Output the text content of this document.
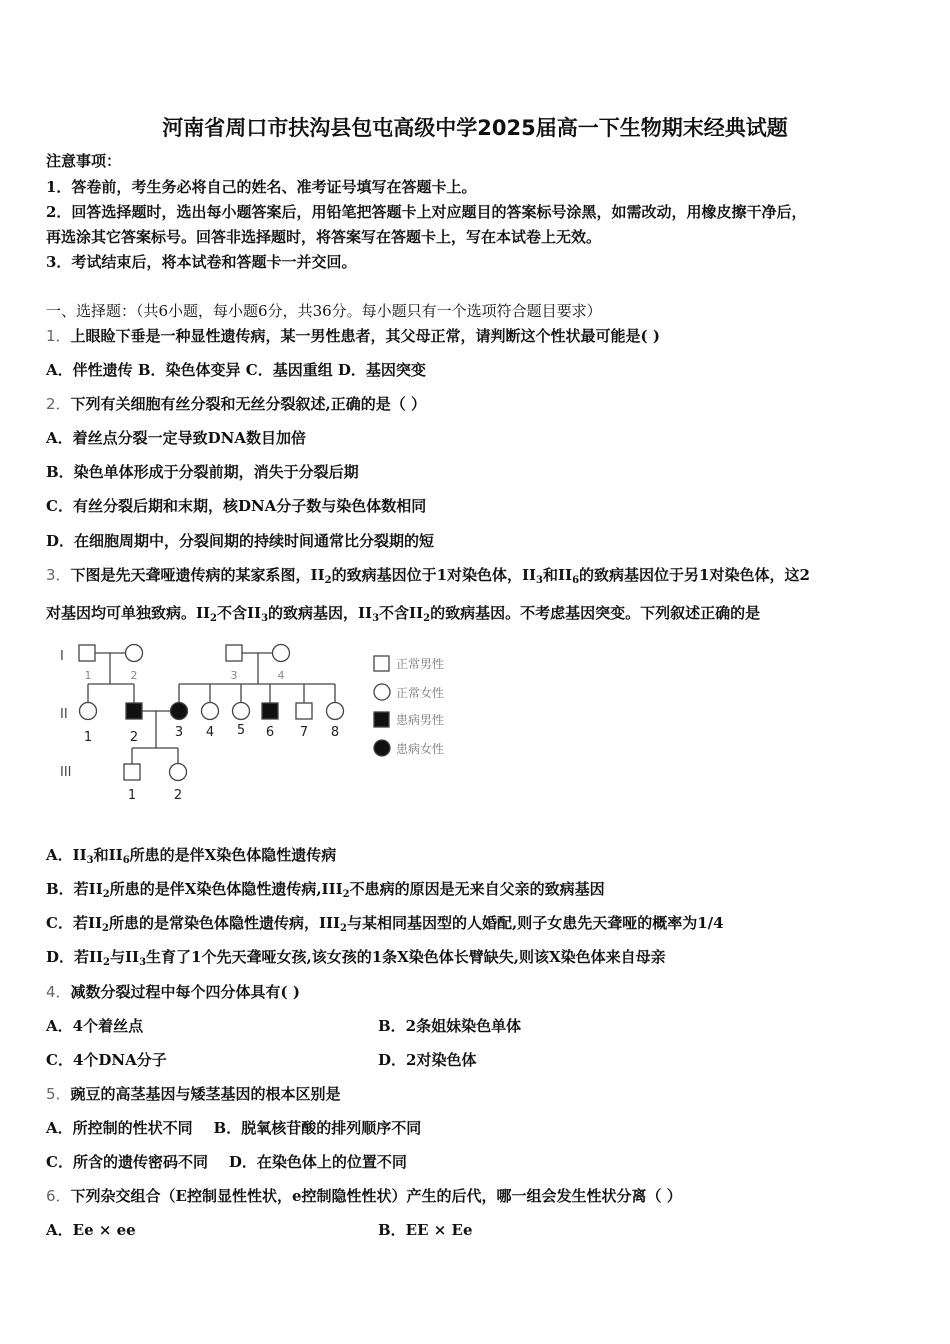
河南省周口市扶沟县包屯高级中学2025届高一下生物期末经典试题
注意事项：
1．答卷前，考生务必将自己的姓名、准考证号填写在答题卡上。
2．回答选择题时，选出每小题答案后，用铅笔把答题卡上对应题目的答案标号涂黑，如需改动，用橡皮擦干净后，
再选涂其它答案标号。回答非选择题时，将答案写在答题卡上，写在本试卷上无效。
3．考试结束后，将本试卷和答题卡一并交回。
一、选择题：（共6小题，每小题6分，共36分。每小题只有一个选项符合题目要求）
1．上眼睑下垂是一种显性遗传病，某一男性患者，其父母正常，请判断这个性状最可能是( )
A．伴性遗传 B．染色体变异 C．基因重组 D．基因突变
2．下列有关细胞有丝分裂和无丝分裂叙述,正确的是（ ）
A．着丝点分裂一定导致DNA数目加倍
B．染色单体形成于分裂前期，消失于分裂后期
C．有丝分裂后期和末期，核DNA分子数与染色体数相同
D．在细胞周期中，分裂间期的持续时间通常比分裂期的短
3．下图是先天聋哑遗传病的某家系图，$II_2$的致病基因位于1对染色体，$II_3$和$II_6$的致病基因位于另1对染色体，这2
对基因均可单独致病。$II_2$不含$II_3$的致病基因，$II_3$不含$II_2$的致病基因。不考虑基因突变。下列叙述正确的是
I
II
III
1	2	3	4
1	2	3 4 5 6 7 8
1	2
正常男性
正常女性
患病男性
患病女性
A．$II_3$和$II_6$所患的是伴X染色体隐性遗传病
B．若$II_2$所患的是伴X染色体隐性遗传病$,III_2$不患病的原因是无来自父亲的致病基因
C．若$II_2$所患的是常染色体隐性遗传病，$III_2$与某相同基因型的人婚配,则子女患先天聋哑的概率为1/4
D．若$II_2$与$II_3$生育了1个先天聋哑女孩,该女孩的1条X染色体长臂缺失,则该X染色体来自母亲
4．减数分裂过程中每个四分体具有( )
A．4个着丝点	B．2条姐妹染色单体
C．4个DNA分子	D．2对染色体
5．豌豆的高茎基因与矮茎基因的根本区别是
A．所控制的性状不同    B．脱氧核苷酸的排列顺序不同
C．所含的遗传密码不同    D．在染色体上的位置不同
6．下列杂交组合（E控制显性性状，e控制隐性性状）产生的后代，哪一组会发生性状分离（ ）
A．Ee × ee	B．EE × Ee
